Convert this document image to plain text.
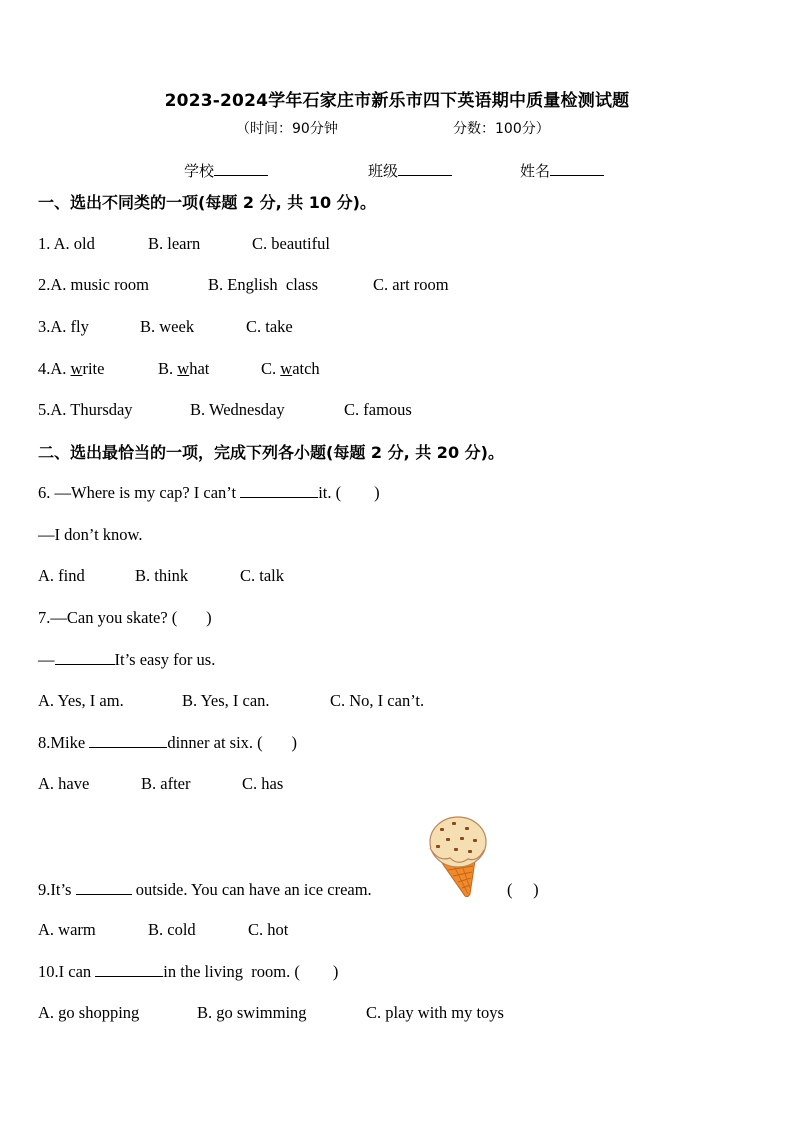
2023-2024学年石家庄市新乐市四下英语期中质量检测试题
（时间：90分钟	分数：100分）
学校	班级	姓名
一、选出不同类的一项(每题 2 分, 共 10 分)。
1. A. old	B. learn	C. beautiful
2.A. music room	B. English  class	C. art room
3.A. fly	B. week	C. take
4.A. write	B. what	C. watch
5.A. Thursday	B. Wednesday	C. famous
二、选出最恰当的一项，完成下列各小题(每题 2 分, 共 20 分)。
6. —Where is my cap? I can’t	it. (        )
—I don’t know.
A. find	B. think	C. talk
7.—Can you skate? (       )
—	It’s easy for us.
A. Yes, I am.	B. Yes, I can.	C. No, I can’t.
8.Mike	dinner at six. (       )
A. have	B. after	C. has
9.It’s	outside. You can have an ice cream.	(     )
A. warm	B. cold	C. hot
10.I can	in the living  room. (        )
A. go shopping	B. go swimming	C. play with my toys
